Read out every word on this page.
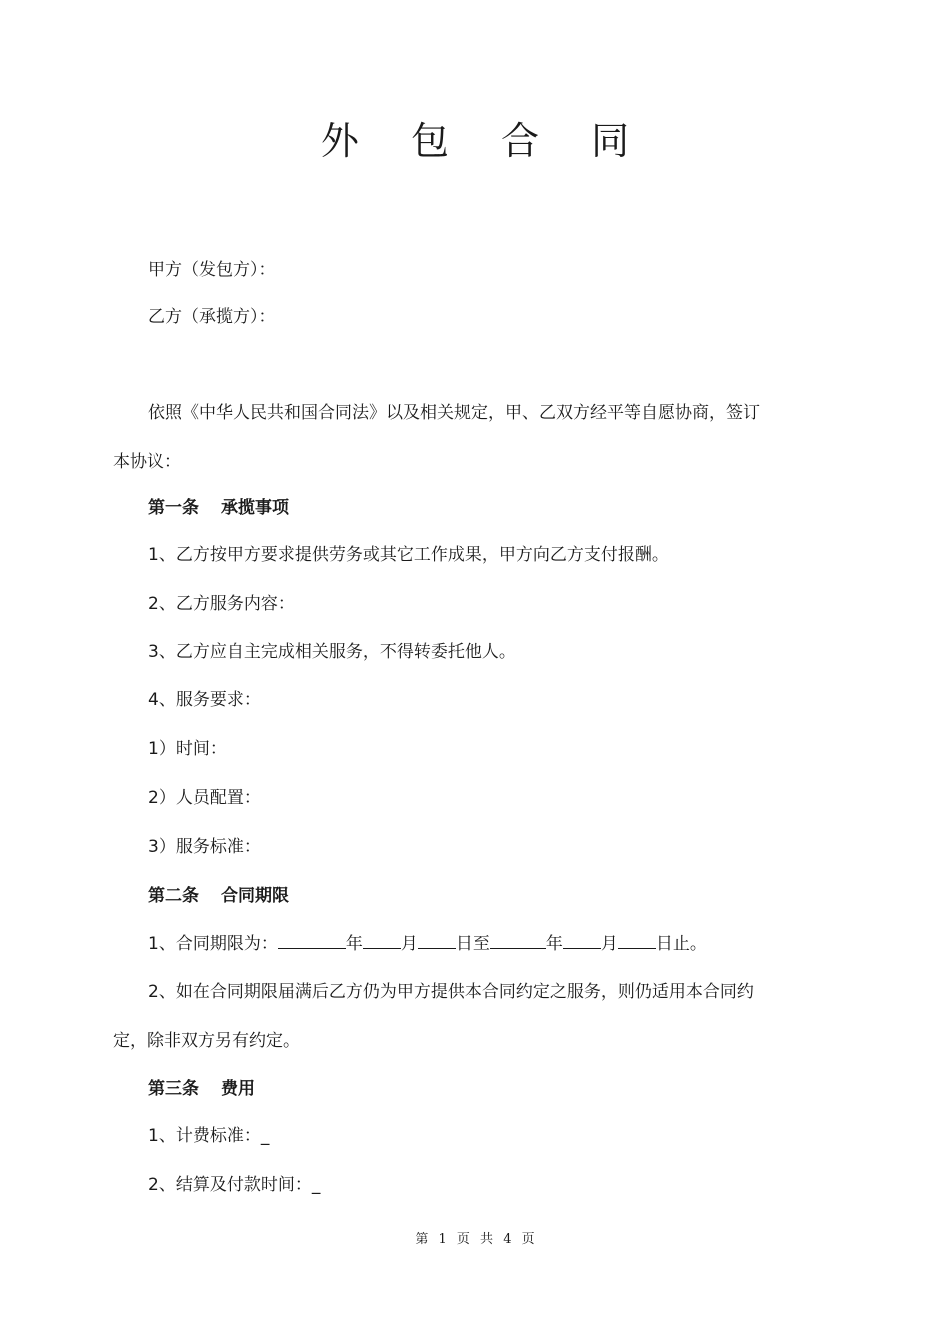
外 包 合 同
甲方（发包方）：
乙方（承揽方）：
依照《中华人民共和国合同法》以及相关规定，甲、乙双方经平等自愿协商，签订
本协议：
第一条 承揽事项
1、乙方按甲方要求提供劳务或其它工作成果，甲方向乙方支付报酬。
2、乙方服务内容：
3、乙方应自主完成相关服务，不得转委托他人。
4、服务要求：
1）时间：
2）人员配置：
3）服务标准：
第二条 合同期限
1、合同期限为：	年 月 日至	年 月 日止。
2、如在合同期限届满后乙方仍为甲方提供本合同约定之服务，则仍适用本合同约
定，除非双方另有约定。
第三条 费用
1、计费标准：_
2、结算及付款时间：_
第 1 页 共 4 页
